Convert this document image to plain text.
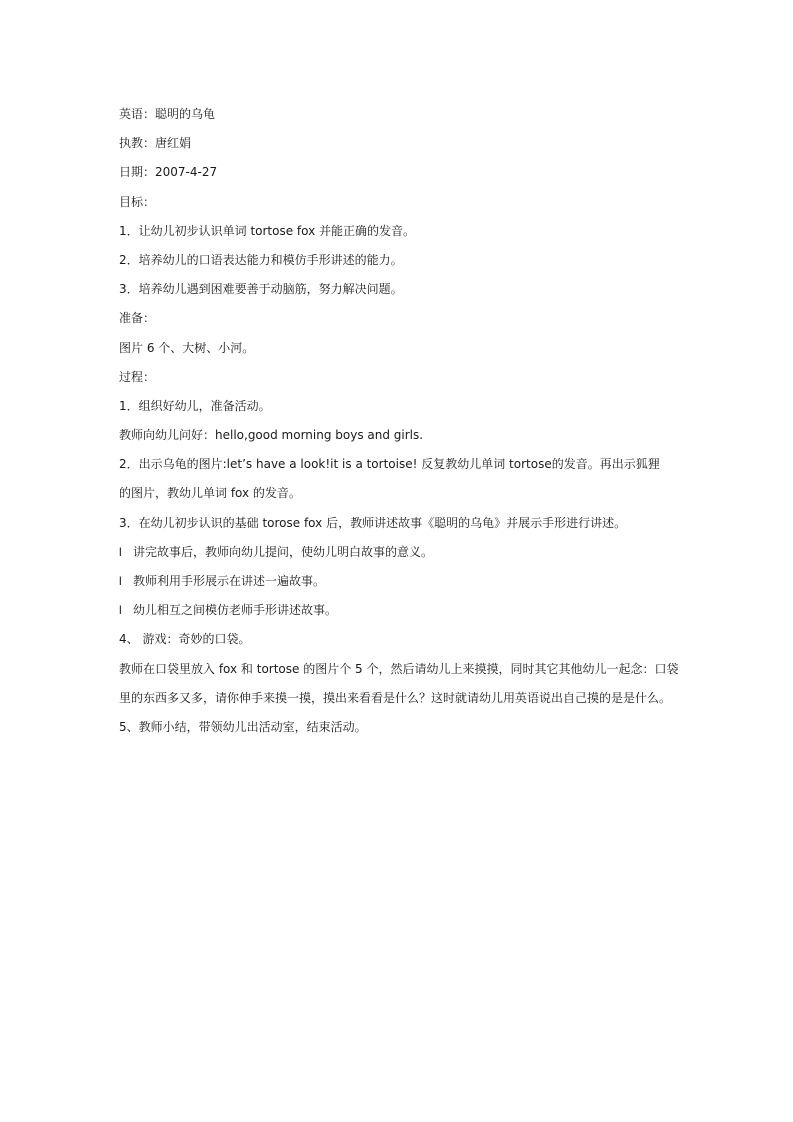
英语：聪明的乌龟
执教：唐红娟
日期：2007-4-27
目标：
1．让幼儿初步认识单词 tortose fox 并能正确的发音。
2．培养幼儿的口语表达能力和模仿手形讲述的能力。
3．培养幼儿遇到困难要善于动脑筋，努力解决问题。
准备：
图片 6 个、大树、小河。
过程：
1．组织好幼儿，准备活动。
教师向幼儿问好：hello,good morning boys and girls.
2．出示乌龟的图片:let’s have a look!it is a tortoise! 反复教幼儿单词 tortose的发音。再出示狐狸
的图片，教幼儿单词 fox 的发音。
3．在幼儿初步认识的基础 torose fox 后，教师讲述故事《聪明的乌龟》并展示手形进行讲述。
l 讲完故事后，教师向幼儿提问，使幼儿明白故事的意义。
l 教师利用手形展示在讲述一遍故事。
l 幼儿相互之间模仿老师手形讲述故事。
4、 游戏：奇妙的口袋。
教师在口袋里放入 fox 和 tortose 的图片个 5 个，然后请幼儿上来摸摸，同时其它其他幼儿一起念：口袋
里的东西多又多，请你伸手来摸一摸，摸出来看看是什么？这时就请幼儿用英语说出自己摸的是是什么。
5、教师小结，带领幼儿出活动室，结束活动。
